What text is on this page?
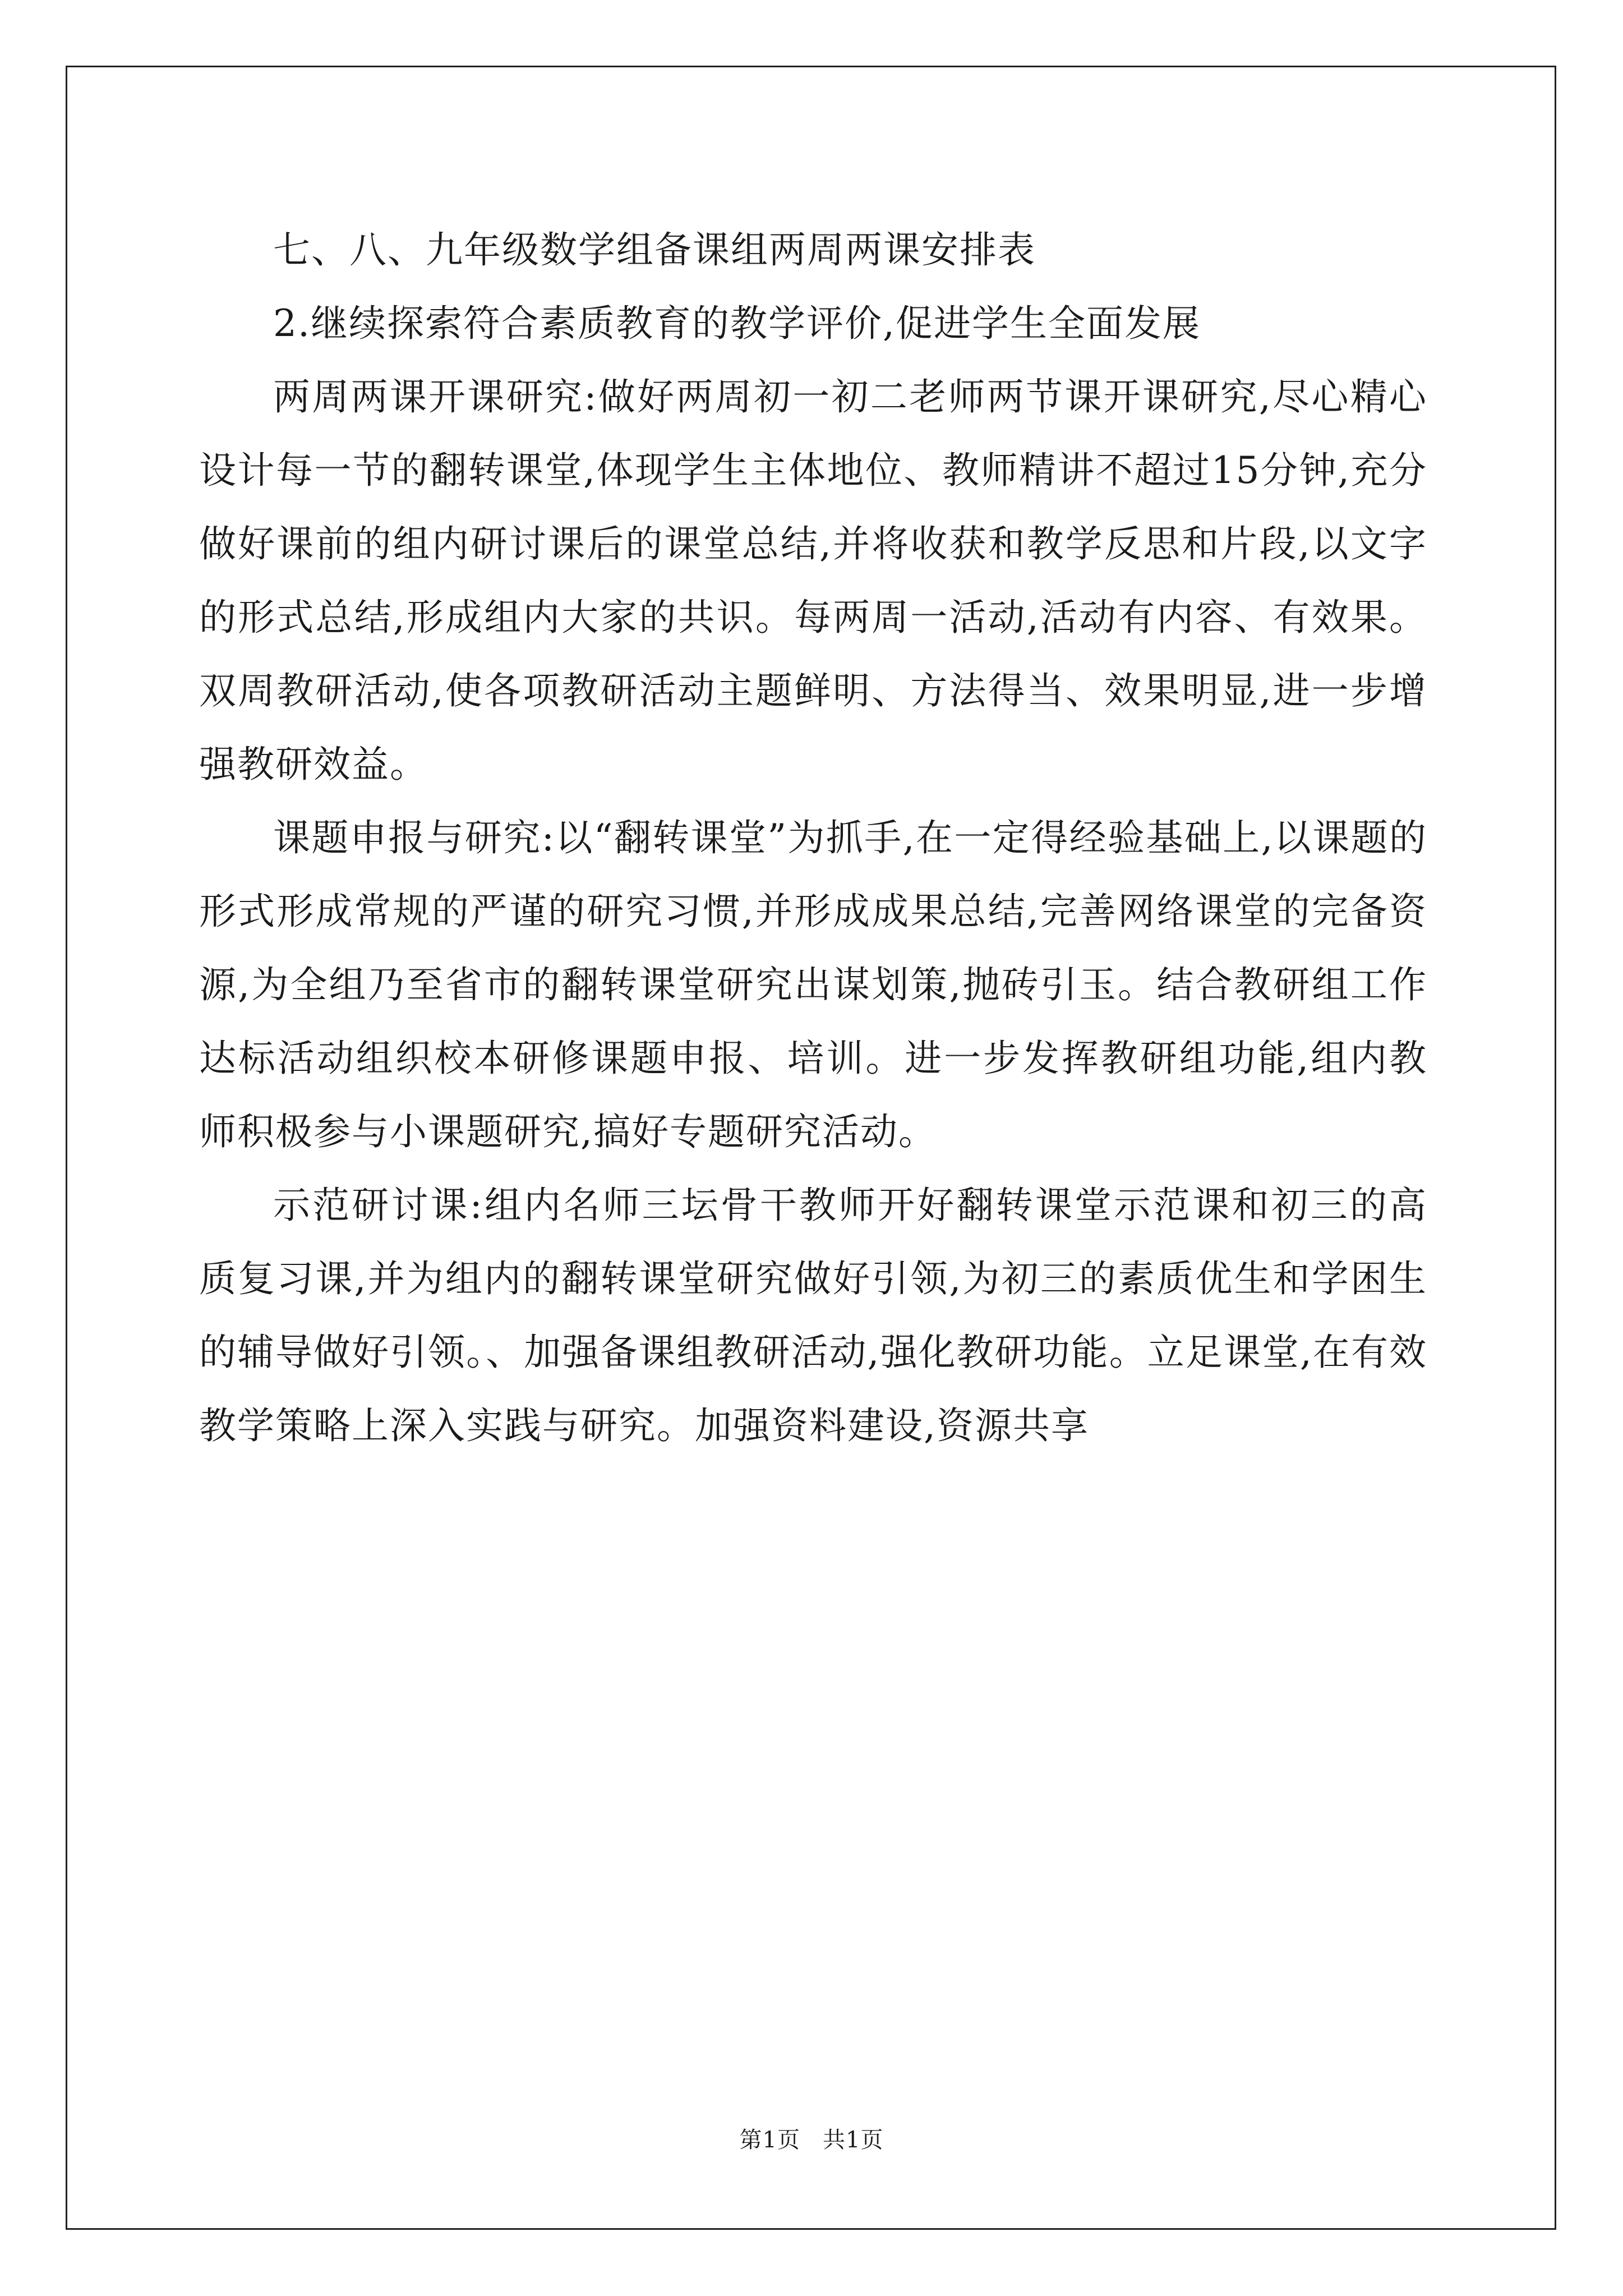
七、八、九年级数学组备课组两周两课安排表

2.继续探索符合素质教育的教学评价,促进学生全面发展

两周两课开课研究:做好两周初一初二老师两节课开课研究,尽心精心设计每一节的翻转课堂,体现学生主体地位、教师精讲不超过15分钟,充分做好课前的组内研讨课后的课堂总结,并将收获和教学反思和片段,以文字的形式总结,形成组内大家的共识。每两周一活动,活动有内容、有效果。双周教研活动,使各项教研活动主题鲜明、方法得当、效果明显,进一步增强教研效益。

课题申报与研究:以“翻转课堂”为抓手,在一定得经验基础上,以课题的形式形成常规的严谨的研究习惯,并形成成果总结,完善网络课堂的完备资源,为全组乃至省市的翻转课堂研究出谋划策,抛砖引玉。结合教研组工作达标活动组织校本研修课题申报、培训。进一步发挥教研组功能,组内教师积极参与小课题研究,搞好专题研究活动。

示范研讨课:组内名师三坛骨干教师开好翻转课堂示范课和初三的高质复习课,并为组内的翻转课堂研究做好引领,为初三的素质优生和学困生的辅导做好引领。、加强备课组教研活动,强化教研功能。立足课堂,在有效教学策略上深入实践与研究。加强资料建设,资源共享

第1页 共1页
